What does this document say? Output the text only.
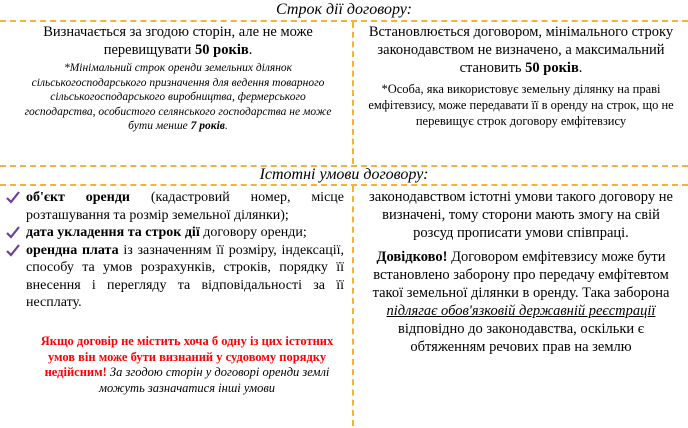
Строк дії договору:
Визначається за згодою сторін, але не може перевищувати 50 років.
*Мінімальний строк оренди земельних ділянок сільськогосподарського призначення для ведення товарного сільськогосподарського виробництва, фермерського господарства, особистого селянського господарства не може бути менше 7 років.
Встановлюється договором, мінімального строку законодавством не визначено, а максимальний становить 50 років.
*Особа, яка використовує земельну ділянку на праві емфітевзису, може передавати її в оренду на строк, що не перевищує строк договору емфітевзису
Істотні умови договору:
об'єкт оренди (кадастровий номер, місце розташування та розмір земельної ділянки);
дата укладення та строк дії договору оренди;
орендна плата із зазначенням її розміру, індексації, способу та умов розрахунків, строків, порядку її внесення і перегляду та відповідальності за її несплату.
Якщо договір не містить хоча б одну із цих істотних умов він може бути визнаний у судовому порядку недійсним! За згодою сторін у договорі оренди землі можуть зазначатися інші умови

законодавством істотні умови такого договору не визначені, тому сторони мають змогу на свій розсуд прописати умови співпраці.

Довідково! Договором емфітевзису може бути встановлено заборону про передачу емфітевтом такої земельної ділянки в оренду. Така заборона підлягає обов'язковій державній реєстрації відповідно до законодавства, оскільки є обтяженням речових прав на землю
